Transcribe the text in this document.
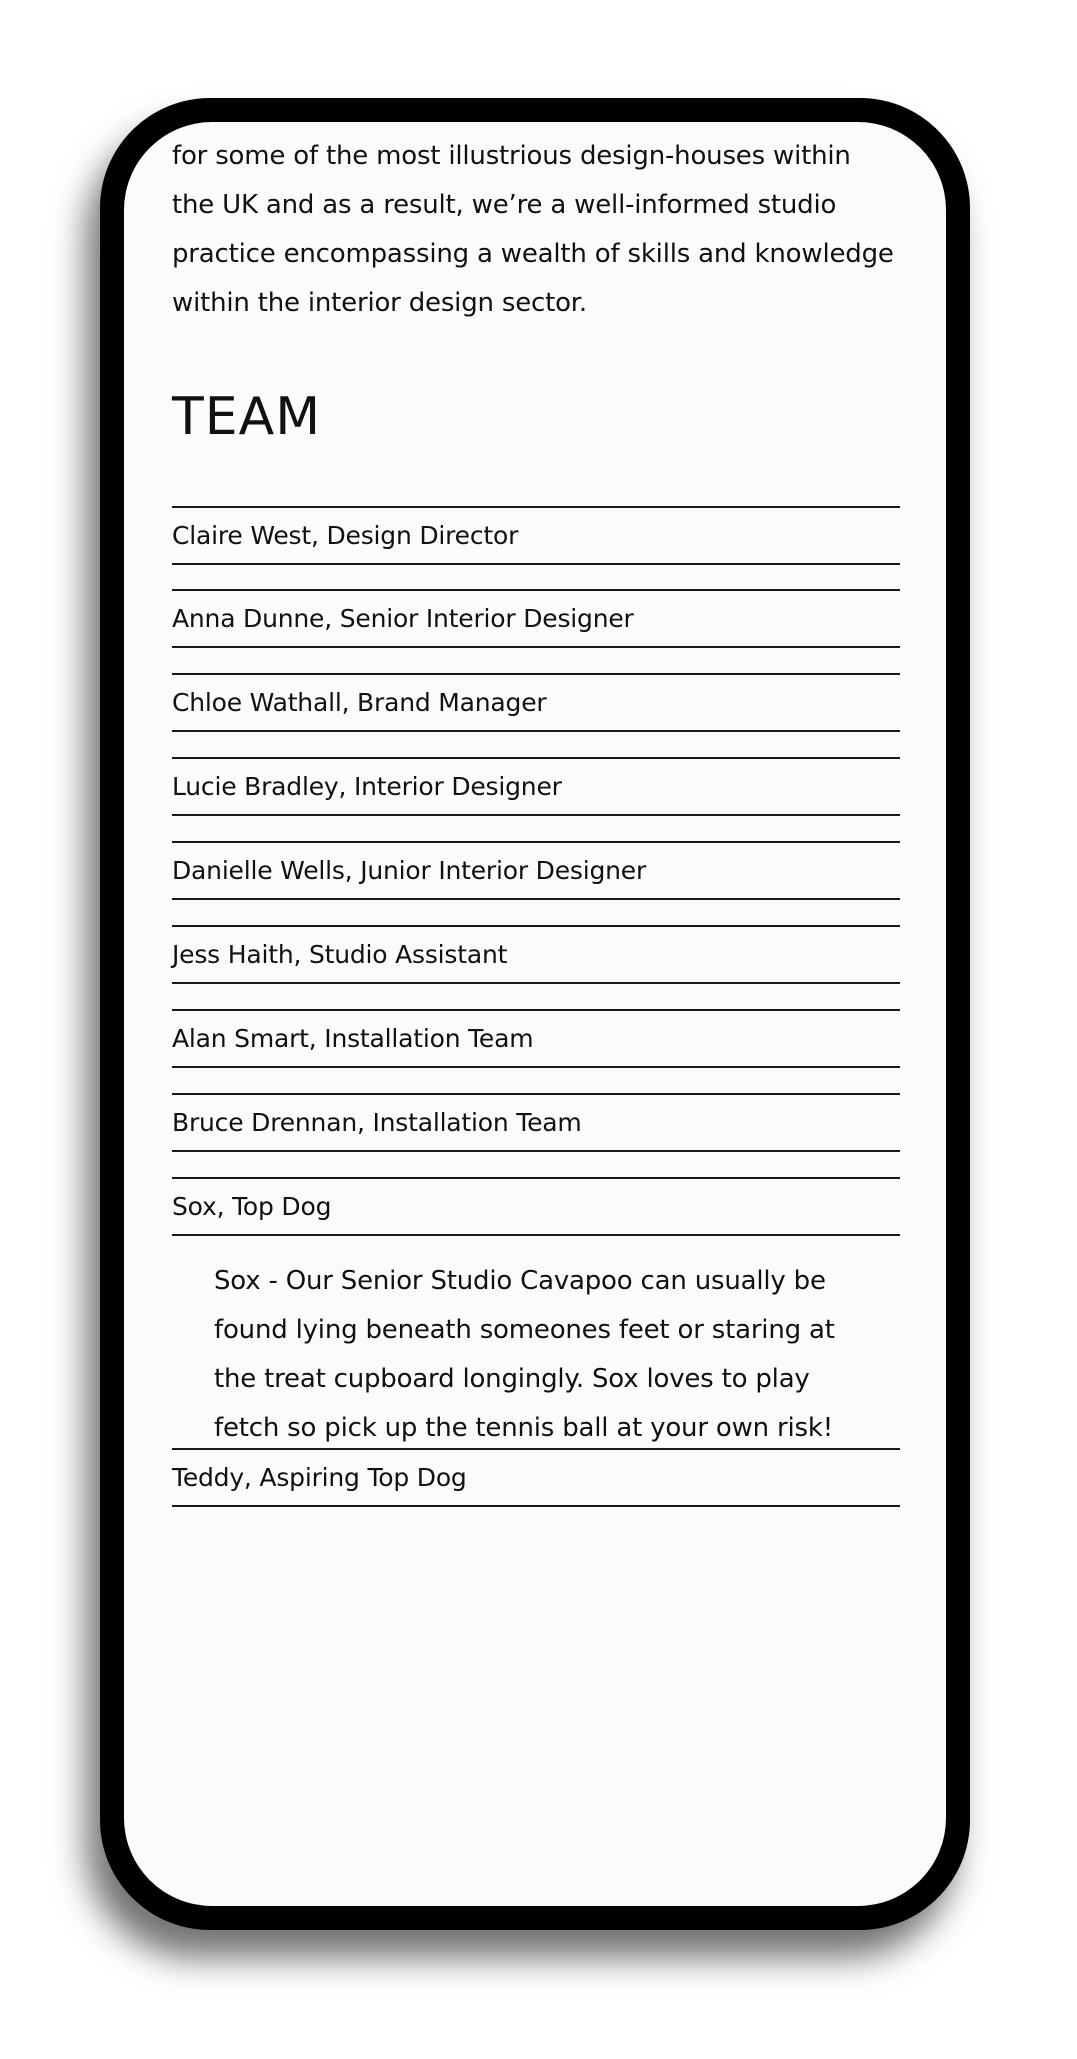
for some of the most illustrious design-houses within the UK and as a result, we’re a well-informed studio practice encompassing a wealth of skills and knowledge within the interior design sector.

TEAM
Claire West, Design Director
Anna Dunne, Senior Interior Designer
Chloe Wathall, Brand Manager
Lucie Bradley, Interior Designer
Danielle Wells, Junior Interior Designer
Jess Haith, Studio Assistant
Alan Smart, Installation Team
Bruce Drennan, Installation Team
Sox, Top Dog

Sox - Our Senior Studio Cavapoo can usually be found lying beneath someones feet or staring at the treat cupboard longingly. Sox loves to play fetch so pick up the tennis ball at your own risk!

Teddy, Aspiring Top Dog
